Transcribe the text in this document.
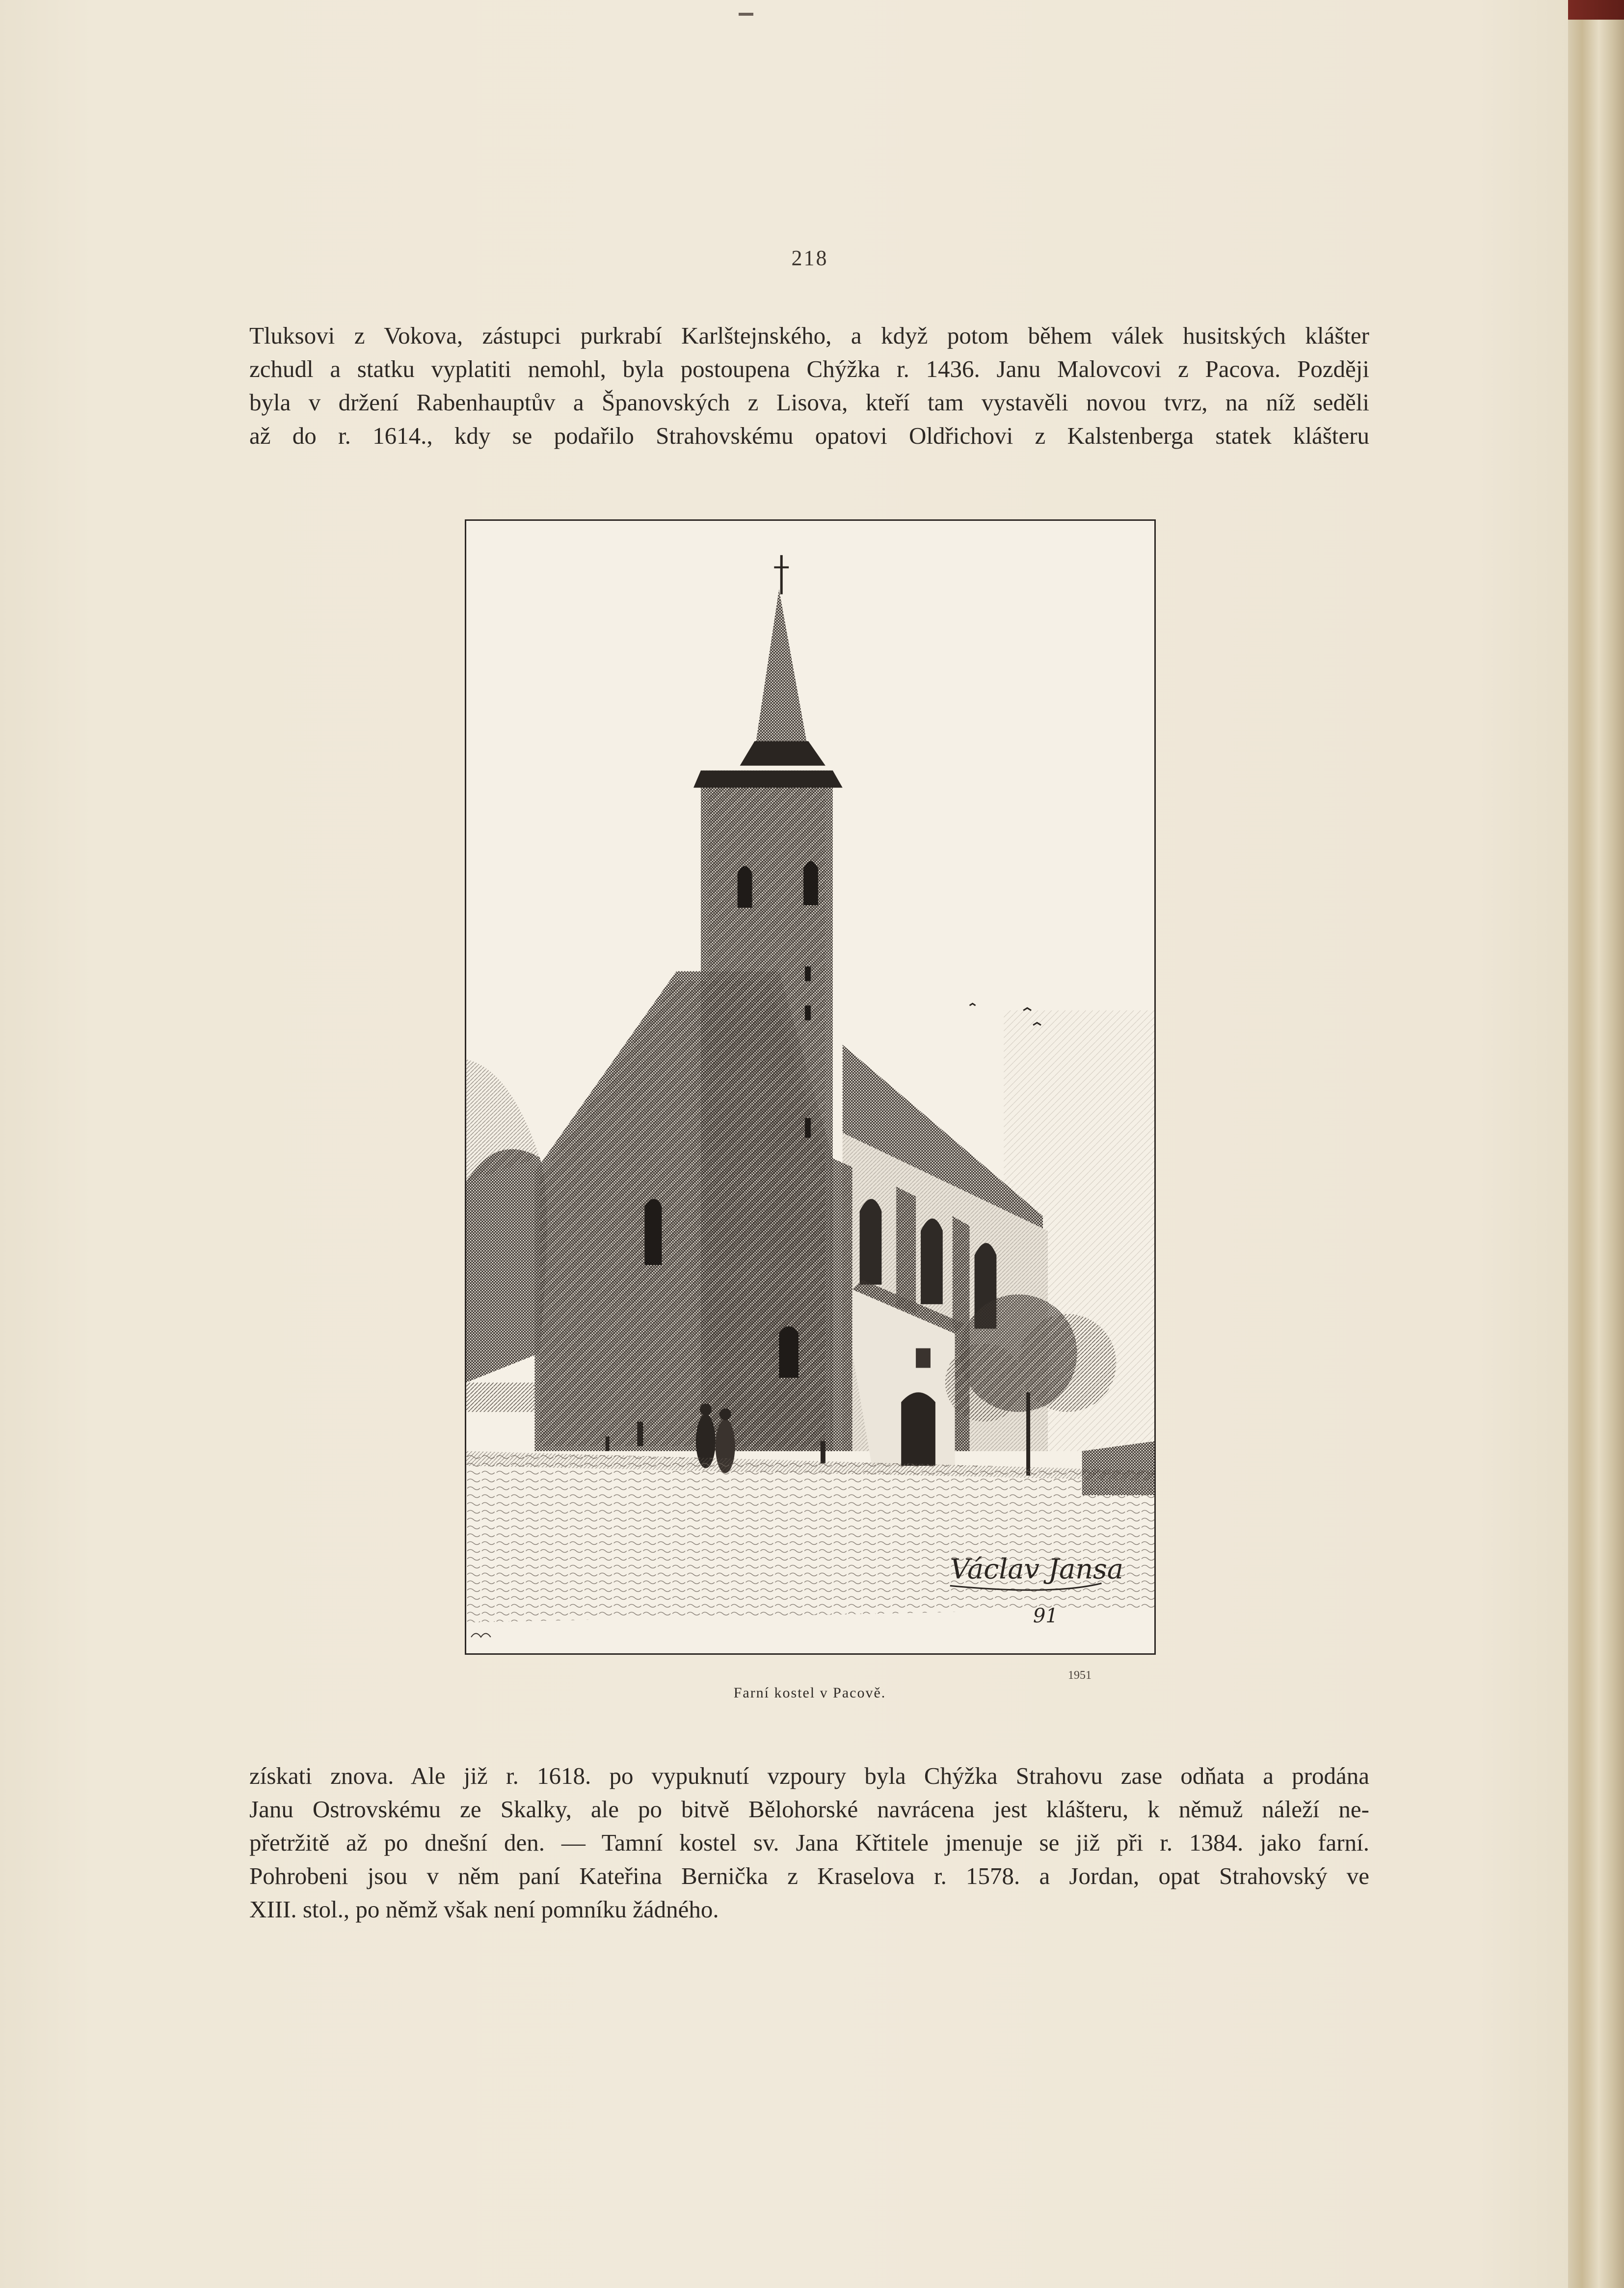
218
Tluksovi z Vokova, zástupci purkrabí Karlštejnského, a když potom během válek husitských klášter
zchudl a statku vyplatiti nemohl, byla postoupena Chýžka r. 1436. Janu Malovcovi z Pacova. Později
byla v držení Rabenhauptův a Španovských z Lisova, kteří tam vystavěli novou tvrz, na níž seděli
až do r. 1614., kdy se podařilo Strahovskému opatovi Oldřichovi z Kalstenberga statek klášteru
Václav Jansa
91
1951
Farní kostel v Pacově.
získati znova. Ale již r. 1618. po vypuknutí vzpoury byla Chýžka Strahovu zase odňata a prodána
Janu Ostrovskému ze Skalky, ale po bitvě Bělohorské navrácena jest klášteru, k němuž náleží ne-
přetržitě až po dnešní den. — Tamní kostel sv. Jana Křtitele jmenuje se již při r. 1384. jako farní.
Pohrobeni jsou v něm paní Kateřina Bernička z Kraselova r. 1578. a Jordan, opat Strahovský ve
XIII. stol., po němž však není pomníku žádného.
